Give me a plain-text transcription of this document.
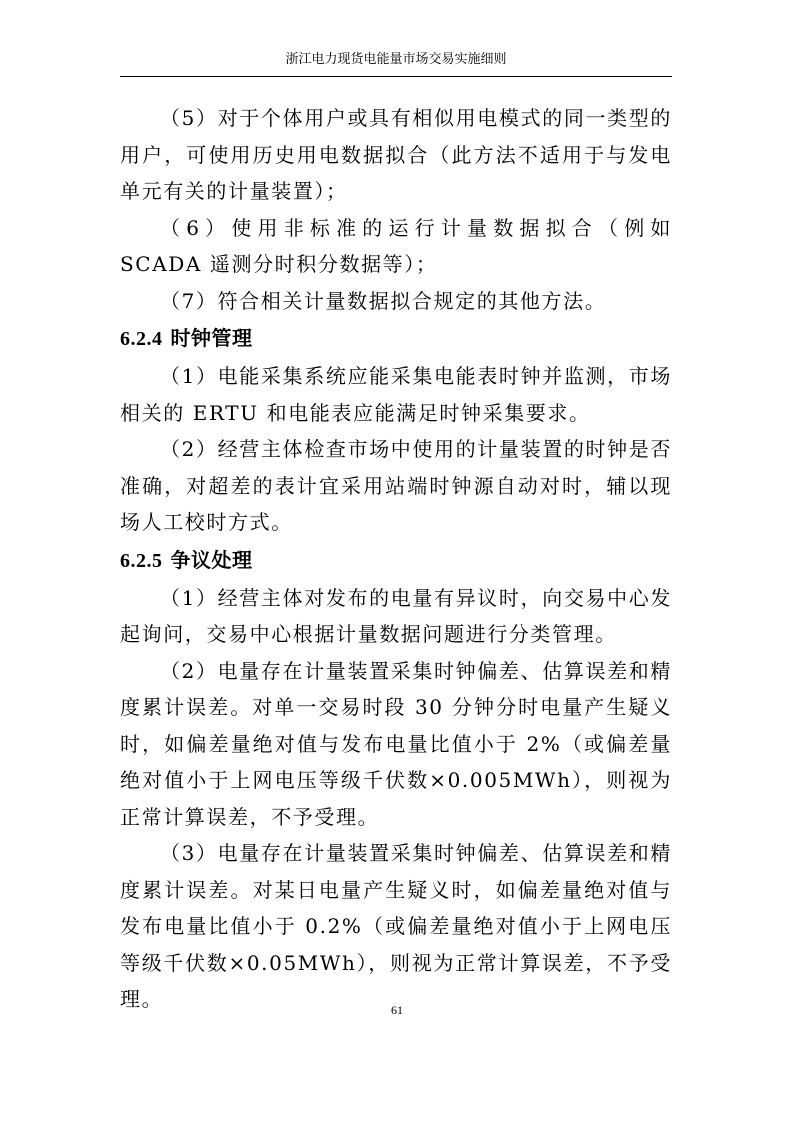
浙江电力现货电能量市场交易实施细则

（5）对于个体用户或具有相似用电模式的同一类型的用户，可使用历史用电数据拟合（此方法不适用于与发电单元有关的计量装置）；

（6）使用非标准的运行计量数据拟合（例如 SCADA 遥测分时积分数据等）；

（7）符合相关计量数据拟合规定的其他方法。

6.2.4 时钟管理

（1）电能采集系统应能采集电能表时钟并监测，市场相关的 ERTU 和电能表应能满足时钟采集要求。

（2）经营主体检查市场中使用的计量装置的时钟是否准确，对超差的表计宜采用站端时钟源自动对时，辅以现场人工校时方式。

6.2.5 争议处理

（1）经营主体对发布的电量有异议时，向交易中心发起询问，交易中心根据计量数据问题进行分类管理。

（2）电量存在计量装置采集时钟偏差、估算误差和精度累计误差。对单一交易时段 30 分钟分时电量产生疑义时，如偏差量绝对值与发布电量比值小于 2%（或偏差量绝对值小于上网电压等级千伏数×0.005MWh），则视为正常计算误差，不予受理。

（3）电量存在计量装置采集时钟偏差、估算误差和精度累计误差。对某日电量产生疑义时，如偏差量绝对值与发布电量比值小于 0.2%（或偏差量绝对值小于上网电压等级千伏数×0.05MWh），则视为正常计算误差，不予受理。	61
